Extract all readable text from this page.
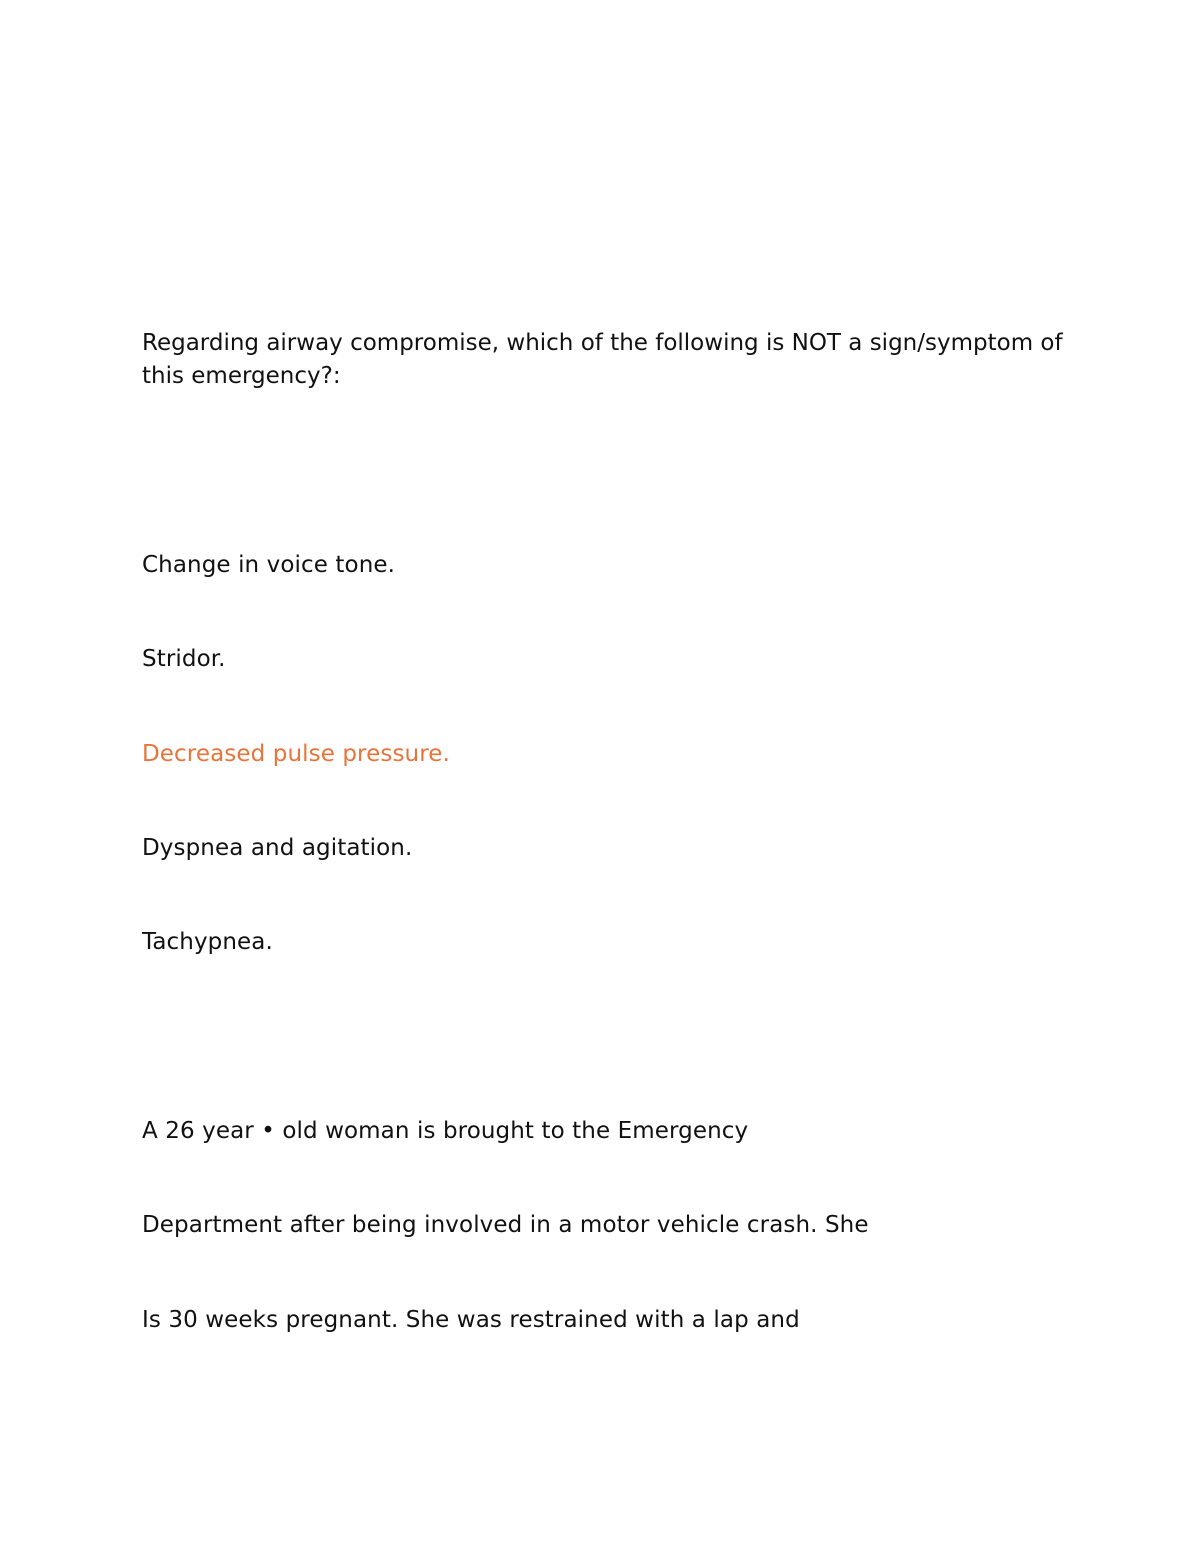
Regarding airway compromise, which of the following is NOT a sign/symptom of this emergency?:
Change in voice tone.
Stridor.
Decreased pulse pressure.
Dyspnea and agitation.
Tachypnea.
A 26 year • old woman is brought to the Emergency
Department after being involved in a motor vehicle crash. She
Is 30 weeks pregnant. She was restrained with a lap and
